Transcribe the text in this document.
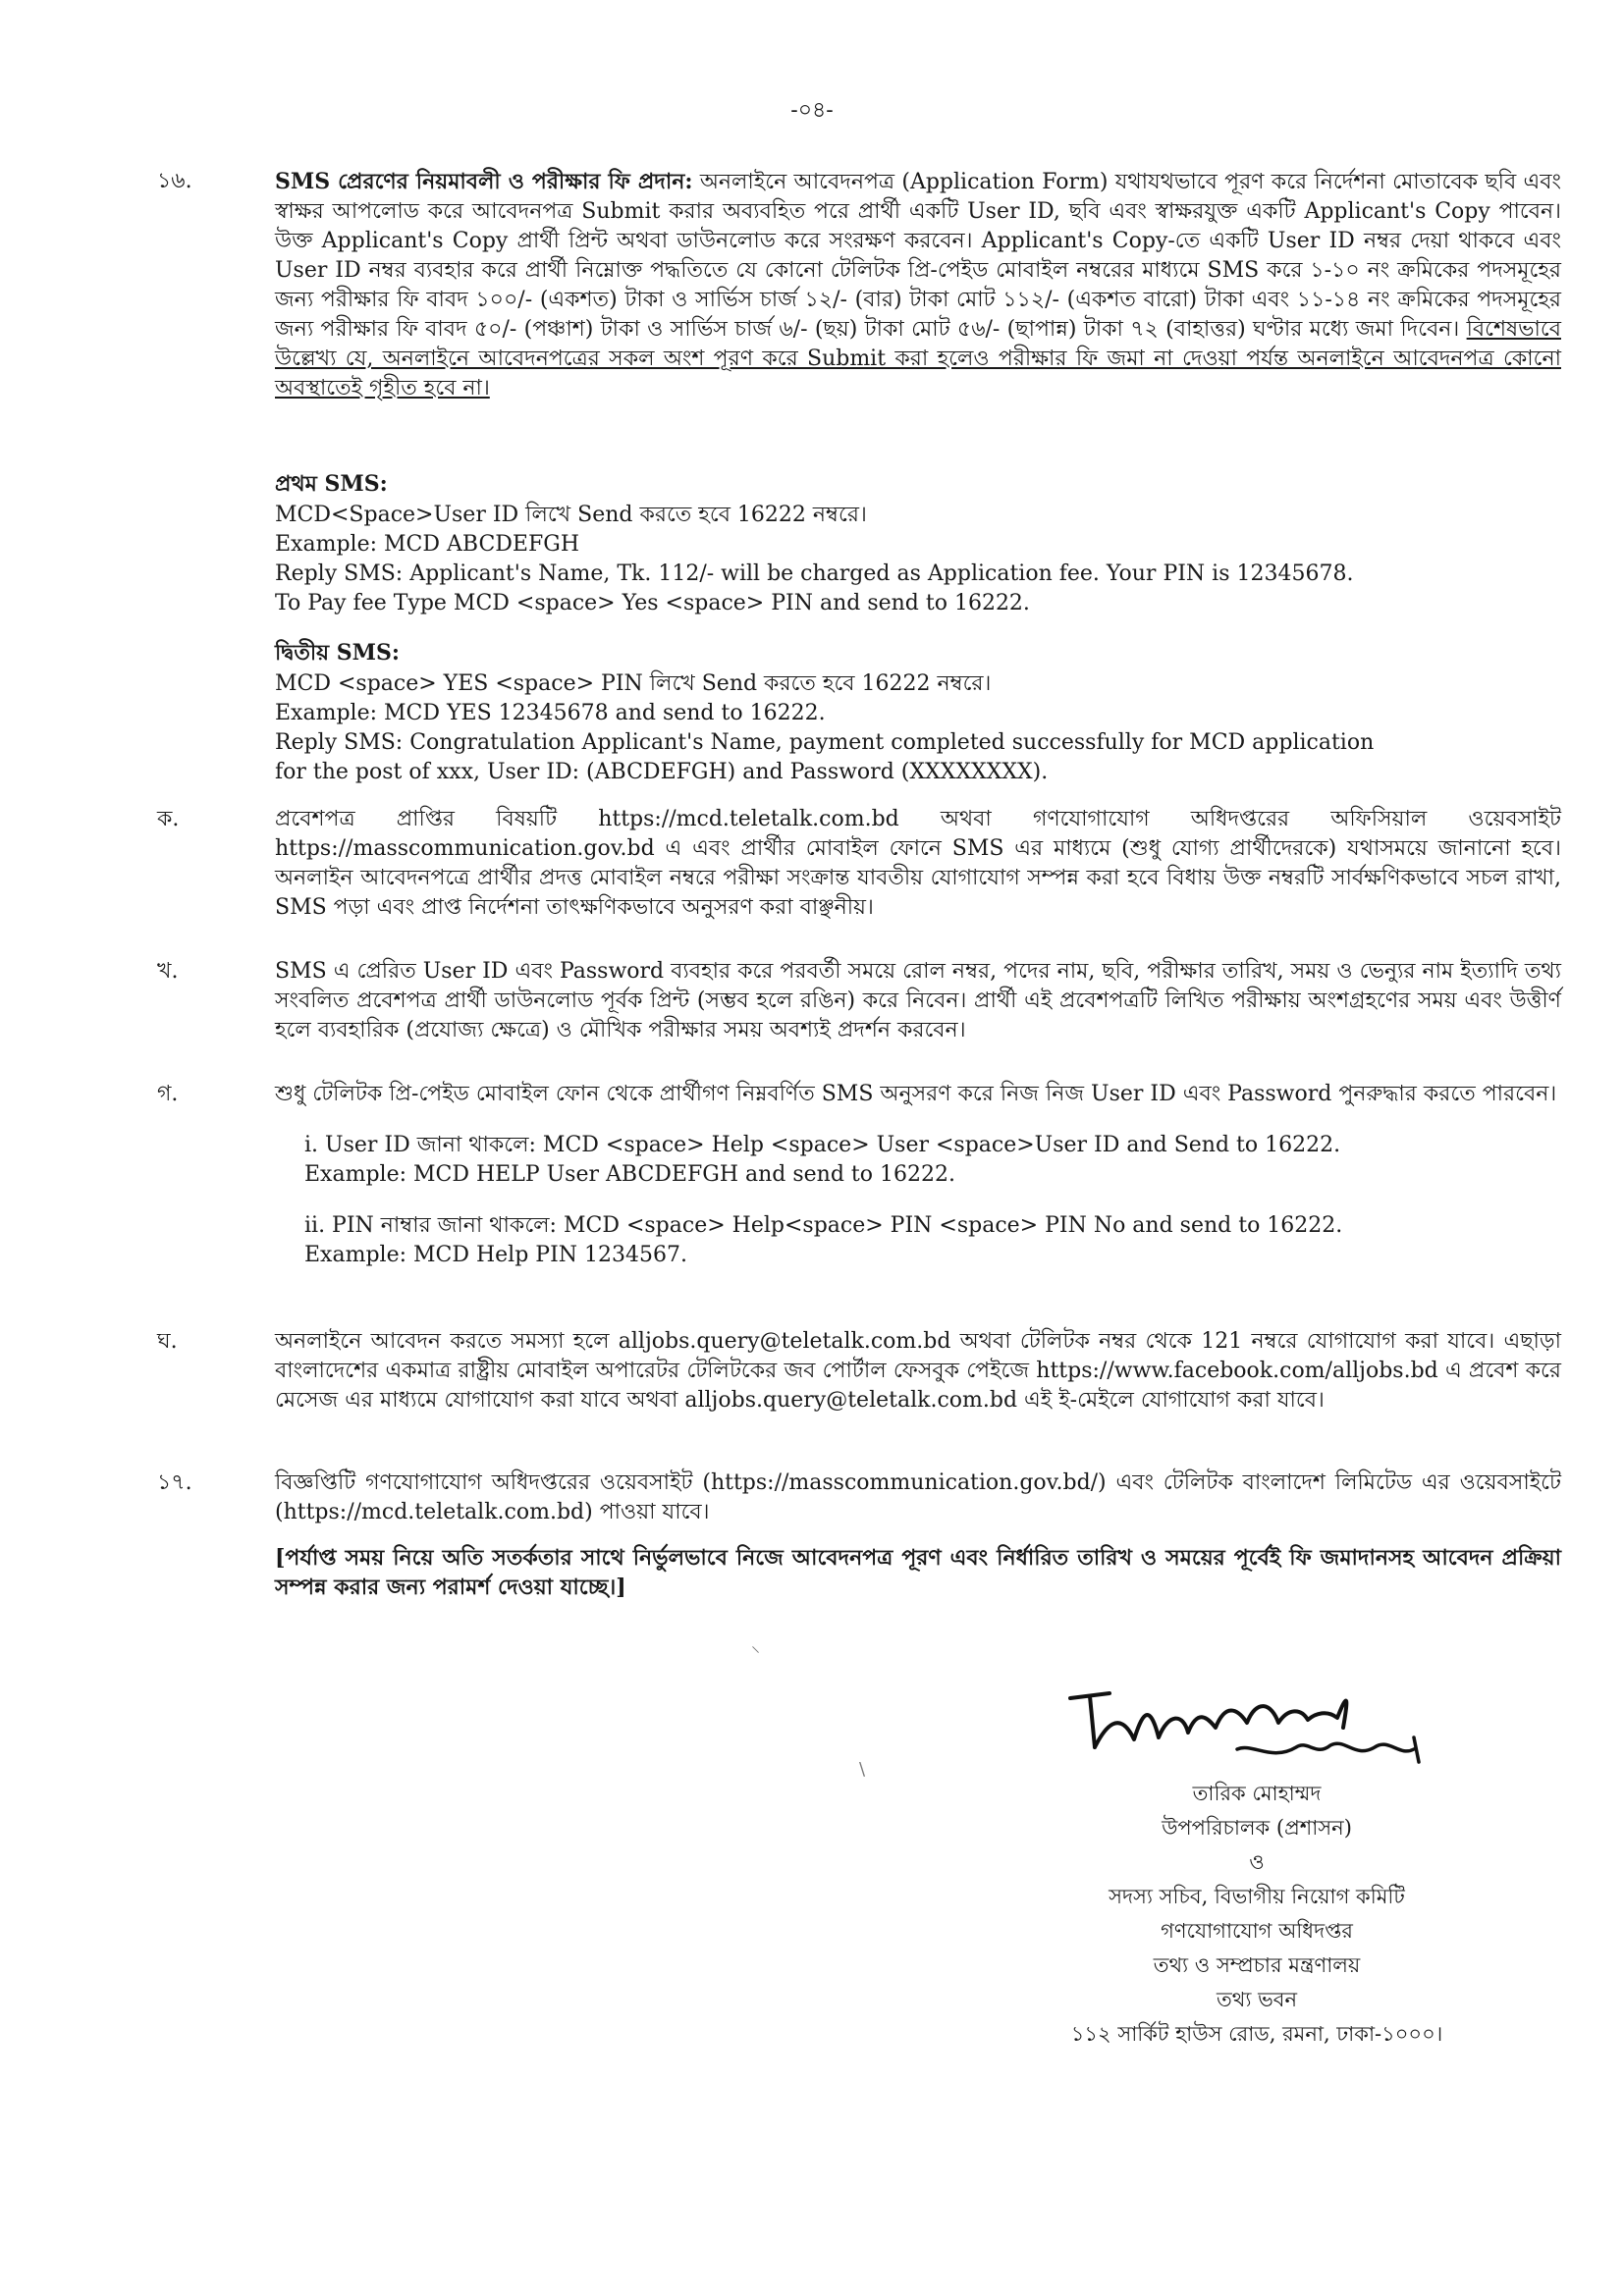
-০৪-
১৬.	SMS প্রেরণের নিয়মাবলী ও পরীক্ষার ফি প্রদান: অনলাইনে আবেদনপত্র (Application Form) যথাযথভাবে পূরণ করে নির্দেশনা মোতাবেক ছবি এবং স্বাক্ষর আপলোড করে আবেদনপত্র Submit করার অব্যবহিত পরে প্রার্থী একটি User ID, ছবি এবং স্বাক্ষরযুক্ত একটি Applicant's Copy পাবেন। উক্ত Applicant's Copy প্রার্থী প্রিন্ট অথবা ডাউনলোড করে সংরক্ষণ করবেন। Applicant's Copy-তে একটি User ID নম্বর দেয়া থাকবে এবং User ID নম্বর ব্যবহার করে প্রার্থী নিম্নোক্ত পদ্ধতিতে যে কোনো টেলিটক প্রি-পেইড মোবাইল নম্বরের মাধ্যমে SMS করে ১-১০ নং ক্রমিকের পদসমূহের জন্য পরীক্ষার ফি বাবদ ১০০/- (একশত) টাকা ও সার্ভিস চার্জ ১২/- (বার) টাকা মোট ১১২/- (একশত বারো) টাকা এবং ১১-১৪ নং ক্রমিকের পদসমূহের জন্য পরীক্ষার ফি বাবদ ৫০/- (পঞ্চাশ) টাকা ও সার্ভিস চার্জ ৬/- (ছয়) টাকা মোট ৫৬/- (ছাপান্ন) টাকা ৭২ (বাহাত্তর) ঘণ্টার মধ্যে জমা দিবেন। বিশেষভাবে উল্লেখ্য যে, অনলাইনে আবেদনপত্রের সকল অংশ পূরণ করে Submit করা হলেও পরীক্ষার ফি জমা না দেওয়া পর্যন্ত অনলাইনে আবেদনপত্র কোনো অবস্থাতেই গৃহীত হবে না।
প্রথম SMS:
MCD<Space>User ID লিখে Send করতে হবে 16222 নম্বরে।
Example: MCD ABCDEFGH
Reply SMS: Applicant's Name, Tk. 112/- will be charged as Application fee. Your PIN is 12345678.
To Pay fee Type MCD <space> Yes <space> PIN and send to 16222.
দ্বিতীয় SMS:
MCD <space> YES <space> PIN লিখে Send করতে হবে 16222 নম্বরে।
Example: MCD YES 12345678 and send to 16222.
Reply SMS: Congratulation Applicant's Name, payment completed successfully for MCD application
for the post of xxx, User ID: (ABCDEFGH) and Password (XXXXXXXX).
ক.	প্রবেশপত্র প্রাপ্তির বিষয়টি https://mcd.teletalk.com.bd অথবা গণযোগাযোগ অধিদপ্তরের অফিসিয়াল ওয়েবসাইট https://masscommunication.gov.bd এ এবং প্রার্থীর মোবাইল ফোনে SMS এর মাধ্যমে (শুধু যোগ্য প্রার্থীদেরকে) যথাসময়ে জানানো হবে। অনলাইন আবেদনপত্রে প্রার্থীর প্রদত্ত মোবাইল নম্বরে পরীক্ষা সংক্রান্ত যাবতীয় যোগাযোগ সম্পন্ন করা হবে বিধায় উক্ত নম্বরটি সার্বক্ষণিকভাবে সচল রাখা, SMS পড়া এবং প্রাপ্ত নির্দেশনা তাৎক্ষণিকভাবে অনুসরণ করা বাঞ্ছনীয়।
খ.	SMS এ প্রেরিত User ID এবং Password ব্যবহার করে পরবর্তী সময়ে রোল নম্বর, পদের নাম, ছবি, পরীক্ষার তারিখ, সময় ও ভেন্যুর নাম ইত্যাদি তথ্য সংবলিত প্রবেশপত্র প্রার্থী ডাউনলোড পূর্বক প্রিন্ট (সম্ভব হলে রঙিন) করে নিবেন। প্রার্থী এই প্রবেশপত্রটি লিখিত পরীক্ষায় অংশগ্রহণের সময় এবং উত্তীর্ণ হলে ব্যবহারিক (প্রযোজ্য ক্ষেত্রে) ও মৌখিক পরীক্ষার সময় অবশ্যই প্রদর্শন করবেন।
গ.	শুধু টেলিটক প্রি-পেইড মোবাইল ফোন থেকে প্রার্থীগণ নিম্নবর্ণিত SMS অনুসরণ করে নিজ নিজ User ID এবং Password পুনরুদ্ধার করতে পারবেন।
i. User ID জানা থাকলে: MCD <space> Help <space> User <space>User ID and Send to 16222.
Example: MCD HELP User ABCDEFGH and send to 16222.
ii. PIN নাম্বার জানা থাকলে: MCD <space> Help<space> PIN <space> PIN No and send to 16222.
Example: MCD Help PIN 1234567.
ঘ.	অনলাইনে আবেদন করতে সমস্যা হলে alljobs.query@teletalk.com.bd অথবা টেলিটক নম্বর থেকে 121 নম্বরে যোগাযোগ করা যাবে। এছাড়া বাংলাদেশের একমাত্র রাষ্ট্রীয় মোবাইল অপারেটর টেলিটকের জব পোর্টাল ফেসবুক পেইজে https://www.facebook.com/alljobs.bd এ প্রবেশ করে মেসেজ এর মাধ্যমে যোগাযোগ করা যাবে অথবা alljobs.query@teletalk.com.bd এই ই-মেইলে যোগাযোগ করা যাবে।
১৭.	বিজ্ঞপ্তিটি গণযোগাযোগ অধিদপ্তরের ওয়েবসাইট (https://masscommunication.gov.bd/) এবং টেলিটক বাংলাদেশ লিমিটেড এর ওয়েবসাইটে (https://mcd.teletalk.com.bd) পাওয়া যাবে।
[পর্যাপ্ত সময় নিয়ে অতি সতর্কতার সাথে নির্ভুলভাবে নিজে আবেদনপত্র পূরণ এবং নির্ধারিত তারিখ ও সময়ের পূর্বেই ফি জমাদানসহ আবেদন প্রক্রিয়া সম্পন্ন করার জন্য পরামর্শ দেওয়া যাচ্ছে।]
⸌
\
তারিক মোহাম্মদ
উপপরিচালক (প্রশাসন)
ও
সদস্য সচিব, বিভাগীয় নিয়োগ কমিটি
গণযোগাযোগ অধিদপ্তর
তথ্য ও সম্প্রচার মন্ত্রণালয়
তথ্য ভবন
১১২ সার্কিট হাউস রোড, রমনা, ঢাকা-১০০০।
